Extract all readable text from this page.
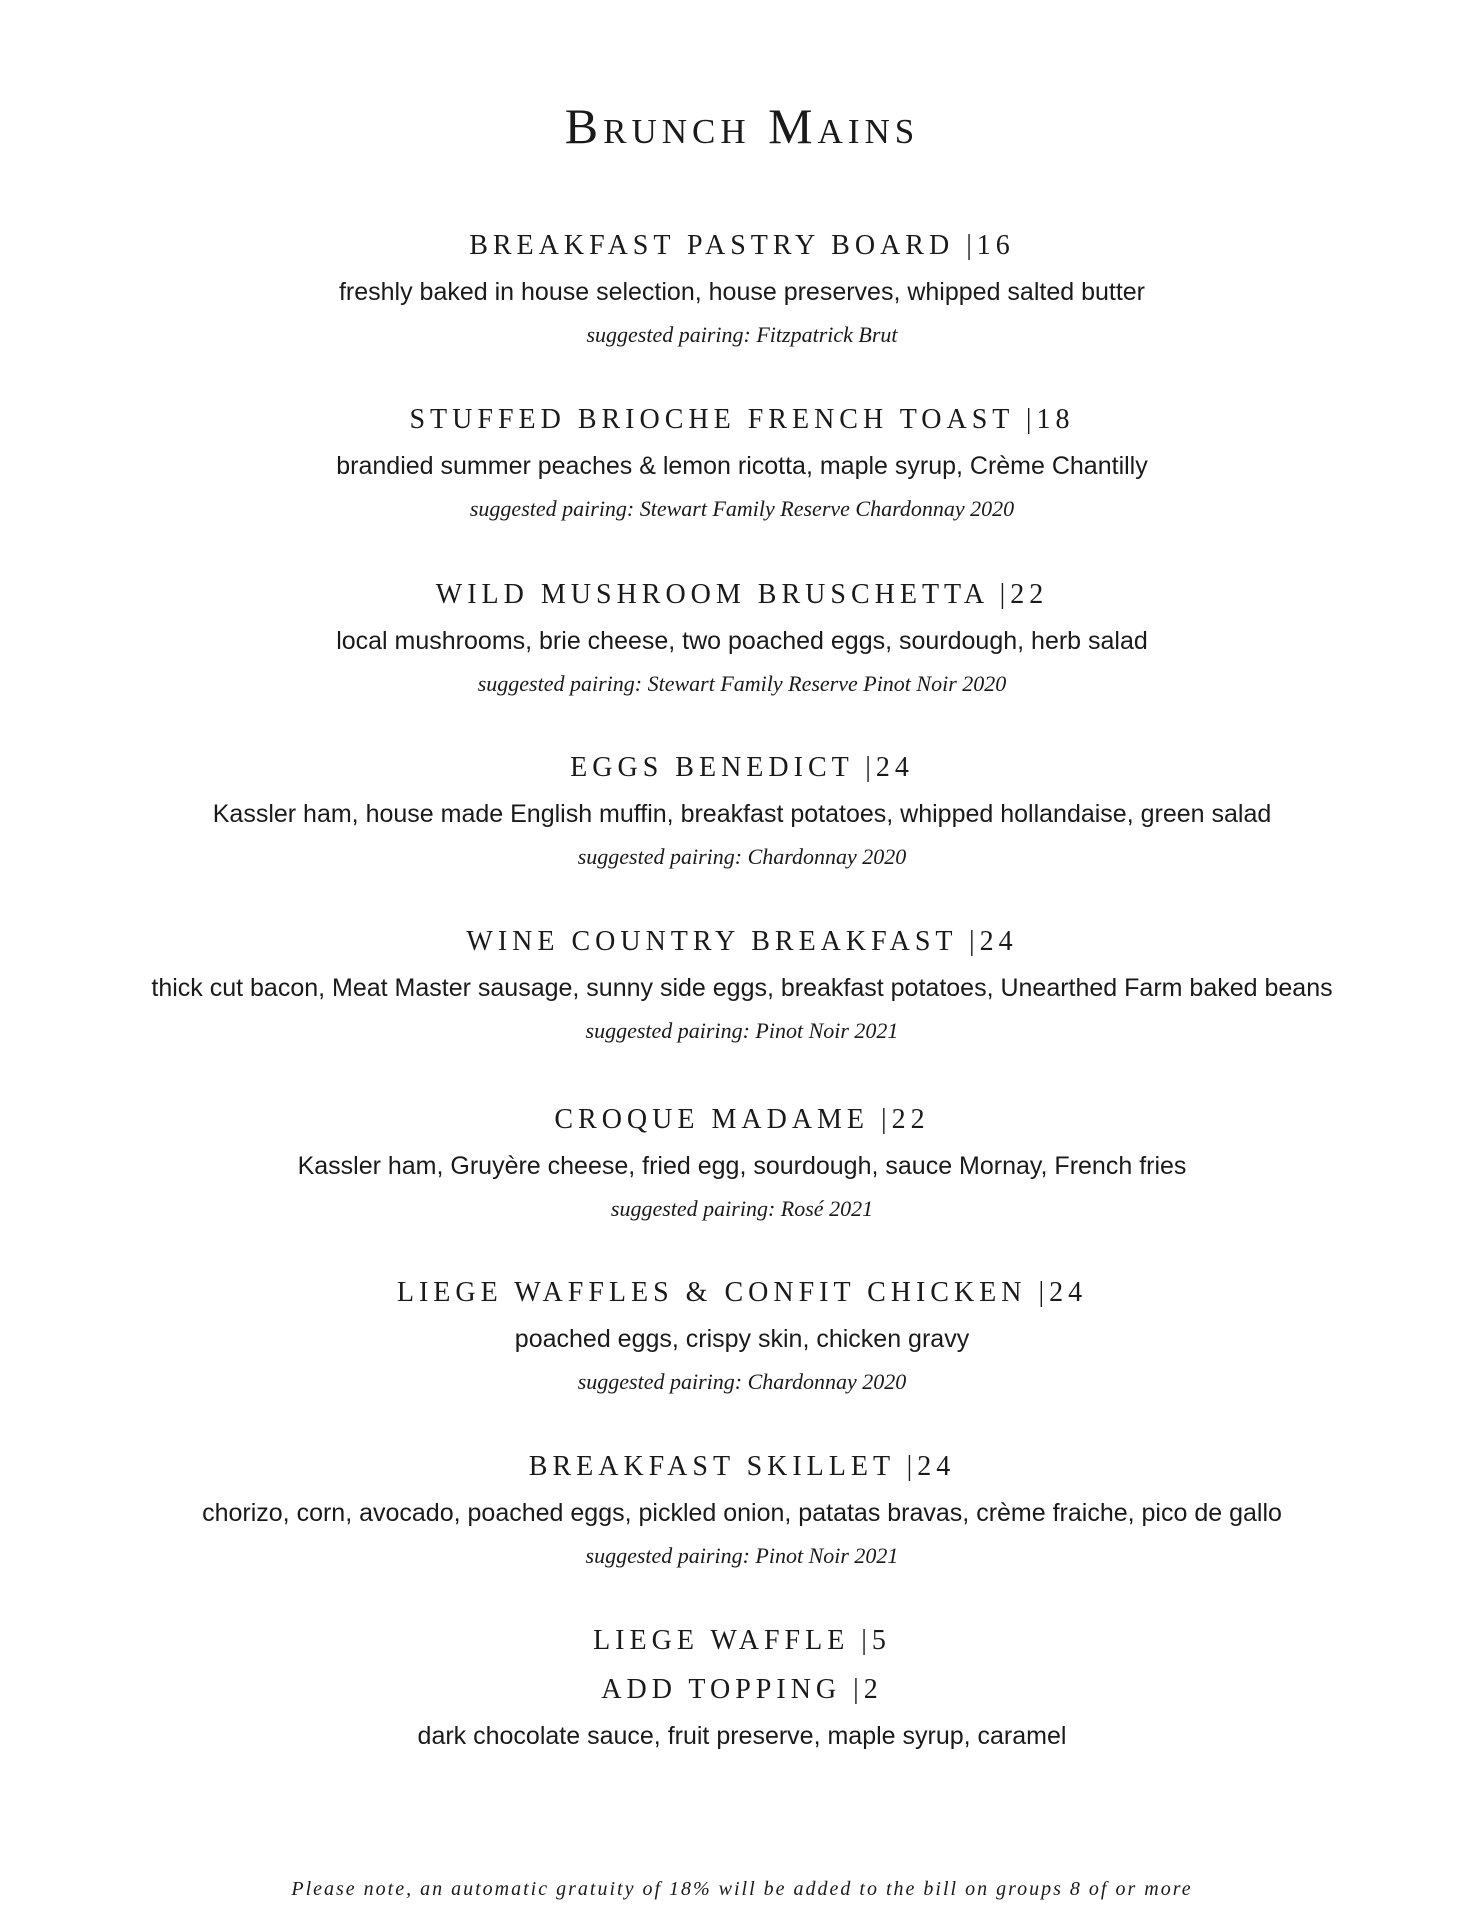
Brunch Mains
BREAKFAST PASTRY BOARD |16
freshly baked in house selection, house preserves, whipped salted butter
suggested pairing: Fitzpatrick Brut
STUFFED BRIOCHE FRENCH TOAST |18
brandied summer peaches & lemon ricotta, maple syrup, Crème Chantilly
suggested pairing: Stewart Family Reserve Chardonnay 2020
WILD MUSHROOM BRUSCHETTA |22
local mushrooms, brie cheese, two poached eggs, sourdough, herb salad
suggested pairing: Stewart Family Reserve Pinot Noir 2020
EGGS BENEDICT |24
Kassler ham, house made English muffin, breakfast potatoes, whipped hollandaise, green salad
suggested pairing: Chardonnay 2020
WINE COUNTRY BREAKFAST |24
thick cut bacon, Meat Master sausage, sunny side eggs, breakfast potatoes, Unearthed Farm baked beans
suggested pairing: Pinot Noir 2021
CROQUE MADAME |22
Kassler ham, Gruyère cheese, fried egg, sourdough, sauce Mornay, French fries
suggested pairing: Rosé 2021
LIEGE WAFFLES & CONFIT CHICKEN |24
poached eggs, crispy skin, chicken gravy
suggested pairing: Chardonnay 2020
BREAKFAST SKILLET |24
chorizo, corn, avocado, poached eggs, pickled onion, patatas bravas, crème fraiche, pico de gallo
suggested pairing: Pinot Noir 2021
LIEGE WAFFLE |5
ADD TOPPING |2
dark chocolate sauce, fruit preserve, maple syrup, caramel
Please note, an automatic gratuity of 18% will be added to the bill on groups 8 of or more
